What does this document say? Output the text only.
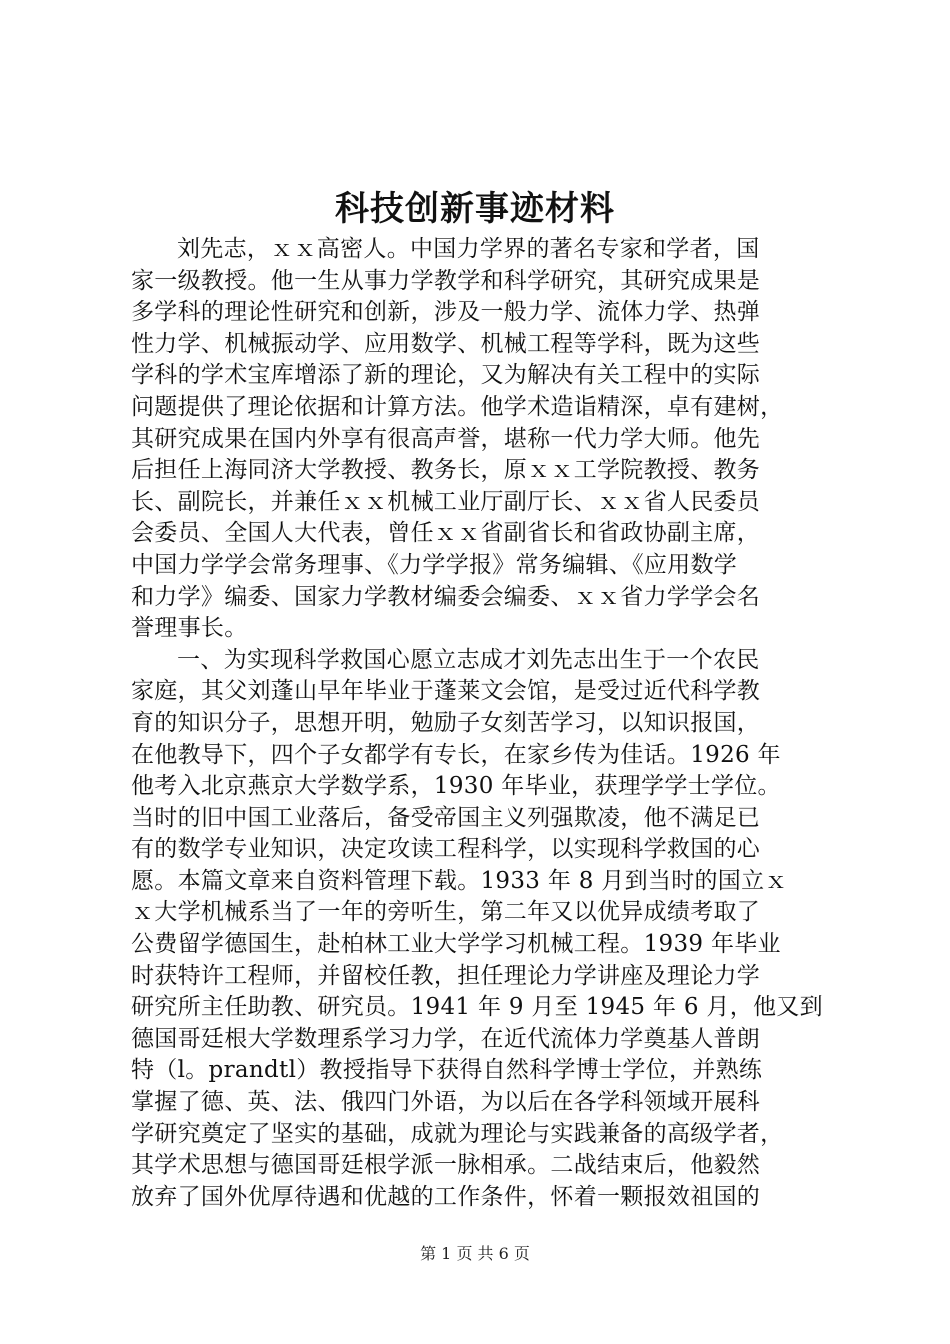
科技创新事迹材料
刘先志，ｘｘ高密人。中国力学界的著名专家和学者，国
家一级教授。他一生从事力学教学和科学研究，其研究成果是
多学科的理论性研究和创新，涉及一般力学、流体力学、热弹
性力学、机械振动学、应用数学、机械工程等学科，既为这些
学科的学术宝库增添了新的理论，又为解决有关工程中的实际
问题提供了理论依据和计算方法。他学术造诣精深，卓有建树，
其研究成果在国内外享有很高声誉，堪称一代力学大师。他先
后担任上海同济大学教授、教务长，原ｘｘ工学院教授、教务
长、副院长，并兼任ｘｘ机械工业厅副厅长、ｘｘ省人民委员
会委员、全国人大代表，曾任ｘｘ省副省长和省政协副主席，
中国力学学会常务理事、《力学学报》常务编辑、《应用数学
和力学》编委、国家力学教材编委会编委、ｘｘ省力学学会名
誉理事长。
一、为实现科学救国心愿立志成才刘先志出生于一个农民
家庭，其父刘蓬山早年毕业于蓬莱文会馆，是受过近代科学教
育的知识分子，思想开明，勉励子女刻苦学习，以知识报国，
在他教导下，四个子女都学有专长，在家乡传为佳话。1926 年
他考入北京燕京大学数学系，1930 年毕业，获理学学士学位。
当时的旧中国工业落后，备受帝国主义列强欺凌，他不满足已
有的数学专业知识，决定攻读工程科学，以实现科学救国的心
愿。本篇文章来自资料管理下载。1933 年 8 月到当时的国立ｘ
ｘ大学机械系当了一年的旁听生，第二年又以优异成绩考取了
公费留学德国生，赴柏林工业大学学习机械工程。1939 年毕业
时获特许工程师，并留校任教，担任理论力学讲座及理论力学
研究所主任助教、研究员。1941 年 9 月至 1945 年 6 月，他又到
德国哥廷根大学数理系学习力学，在近代流体力学奠基人普朗
特（l。prandtl）教授指导下获得自然科学博士学位，并熟练
掌握了德、英、法、俄四门外语，为以后在各学科领域开展科
学研究奠定了坚实的基础，成就为理论与实践兼备的高级学者，
其学术思想与德国哥廷根学派一脉相承。二战结束后，他毅然
放弃了国外优厚待遇和优越的工作条件，怀着一颗报效祖国的
第 1 页 共 6 页
